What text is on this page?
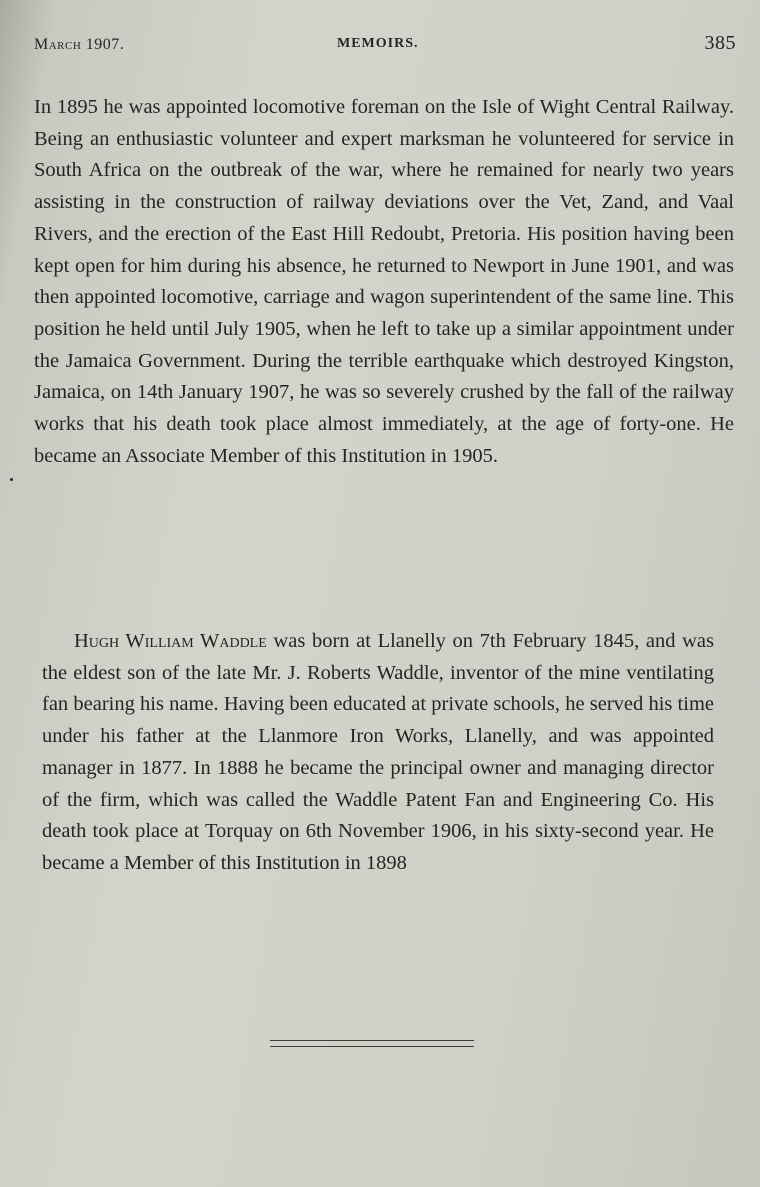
March 1907.	MEMOIRS.	385

In 1895 he was appointed locomotive foreman on the Isle of Wight Central Railway. Being an enthusiastic volunteer and expert marksman he volunteered for service in South Africa on the outbreak of the war, where he remained for nearly two years assisting in the construction of railway deviations over the Vet, Zand, and Vaal Rivers, and the erection of the East Hill Redoubt, Pretoria. His position having been kept open for him during his absence, he returned to Newport in June 1901, and was then appointed locomotive, carriage and wagon superintendent of the same line. This position he held until July 1905, when he left to take up a similar appointment under the Jamaica Government. During the terrible earthquake which destroyed Kingston, Jamaica, on 14th January 1907, he was so severely crushed by the fall of the railway works that his death took place almost immediately, at the age of forty-one. He became an Associate Member of this Institution in 1905.

Hugh William Waddle was born at Llanelly on 7th February 1845, and was the eldest son of the late Mr. J. Roberts Waddle, inventor of the mine ventilating fan bearing his name. Having been educated at private schools, he served his time under his father at the Llanmore Iron Works, Llanelly, and was appointed manager in 1877. In 1888 he became the principal owner and managing director of the firm, which was called the Waddle Patent Fan and Engineering Co. His death took place at Torquay on 6th November 1906, in his sixty-second year. He became a Member of this Institution in 1898
